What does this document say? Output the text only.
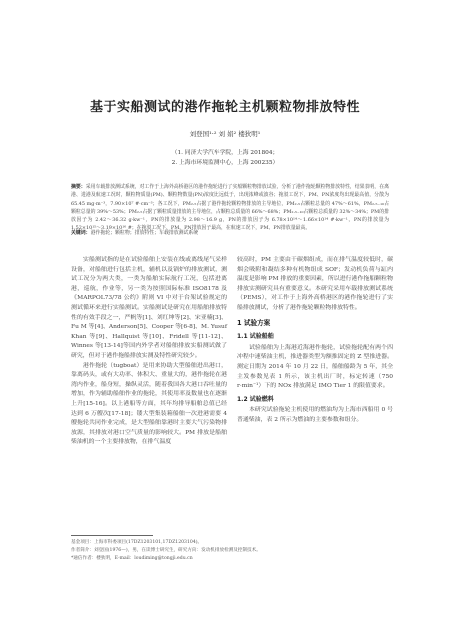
基于实船测试的港作拖轮主机颗粒物排放特性
刘登国¹·² 刘 娟² 楼狄明¹
（1. 同济大学汽车学院，上海 201804；
2. 上海市环境监测中心，上海 200235）
摘要：采用车载排放测试系统，对工作于上海外高桥港区的港作拖轮进行了实船颗粒物排放试验，分析了港作拖轮颗粒物排放特性，结果表明，在离港、进港及航速工况时，颗粒物质量(PM)、颗粒物数量(PN)浓度比远低于，出现浓峰或波谷；拖驳工况下，PM、PN浓度均出现最高值，分散为 65.45 mg·m⁻³，7.90×10⁷ #·cm⁻³；各工况下，PM₂.₅占据了港作拖轮颗粒物排放的主导地位，PM₂.₅占颗粒总量的 47%～61%，PM₂.₅₋₁₀占颗粒总量的 39%～53%；PM₂.₅占据了颗粒质量排放的主导地位，占颗粒总质量的 66%～68%；PM₂.₅₋₁₀占颗粒总质量的 32%～34%；PM的排放因子为 2.42～36.32 g·kw⁻¹，PN的排放量为 2.98～16.9 g，PN的排放因子为 6.78×10¹⁴～1.66×10¹⁴ #·kw⁻¹，PN的排放量为 1.52×10¹⁵～3.19×10¹⁶ #；在拖驳工况下，PM、PN排放因子最高，在航速工况下，PM、PN排放量最高。
关键词：港作拖轮；颗粒物；排放特性；车载排放测试系统

实船测试指的是在试验船舶上安装在线或离线尾气采样设备，对船舶进行包括主机，辅机以及锅炉的排放测试，测试工况分为两大类，一类为船舶实际航行工况，包括进离港，巡航，作业等，另一类为按照国际标准 ISO8178 及《MARPOL73/78 公约》附则 VI 中对于台架试验规定的测试循环来进行实船测试。实船测试是研究在用船舶排放特性的有效手段之一，严帆等[1]、刘红坤等[2]、宋亚楠[3]、Fu M 等[4]、Anderson[5]、Cooper 等[6-8]、M. Yusuf Khan 等[9]、Hallquist 等[10]、Fridell 等[11-12]、Winnes 等[13-14]等国内外学者对船舶排放实船测试做了研究，但对于港作拖船排放实测及特性研究较少。

港作拖轮（tugboat）是用来协助大型船舶进出港口，靠离码头，或有大功率、体积大、重量大的，港作拖轮在港湾内作业，船身短，操纵灵活，随着我国各大港口吞吐量的增加，作为辅助船舶作业的拖轮，其使用率及数量也在逐渐上升[15-16]。以上港船等方面，其年均排导船舶总值已经达到 6 万艘次[17-18]；镂大型集装箱船舶一次进港需要 4 艘拖轮共同作业完成，是大型船舶靠港时主要大气污染物排放源，其排放对港口空气质量的影响较大。PM 排放是船舶柴油机的一个主要排放物，在排气温度

较高时，PM 主要由干碳烟组成，而在排气温度较低时，碳烟会吸附和凝结多种有机物组成 SOF；发动机负荷与缸内温度是影响 PM 排放的重要因素，所以进行港作拖船颗粒物排放实测研究具有重要意义。本研究采用车载排放测试系统（PEMS），对工作于上海外高桥港区的港作拖轮进行了实船排放测试，分析了港作拖轮颗粒物排放特性。

1 试验方案
1.1 试验船舶

试验船舶为上海港近海港作拖轮，试验拖轮配有两个四冲程中速柴油主机，推进器类型为额推固定的 Z 型推进器。测定日期为 2014 年 10 月 22 日，船舶船龄为 5 年，其全主发参数见表 1 所示，该主机出厂时，标定转速（750 r·min⁻¹）下的 NOx 排放满足 IMO Tier 1 的限值要求。

1.2 试验燃料

本研究试验拖轮主机使用的燃油均为上海市西船用 0 号普通柴油，表 2 所示为燃油的主要参数和组分。

基金项目：上海市科委项目(17DZ1203101,17DZ1203104)。
作者简介：刘登国(1976—)，男，在读博士研究生，研究方向：发动机排放检测及控制技术。
*通信作者：楼狄明，E-mail：loudiming@tongji.edu.cn
